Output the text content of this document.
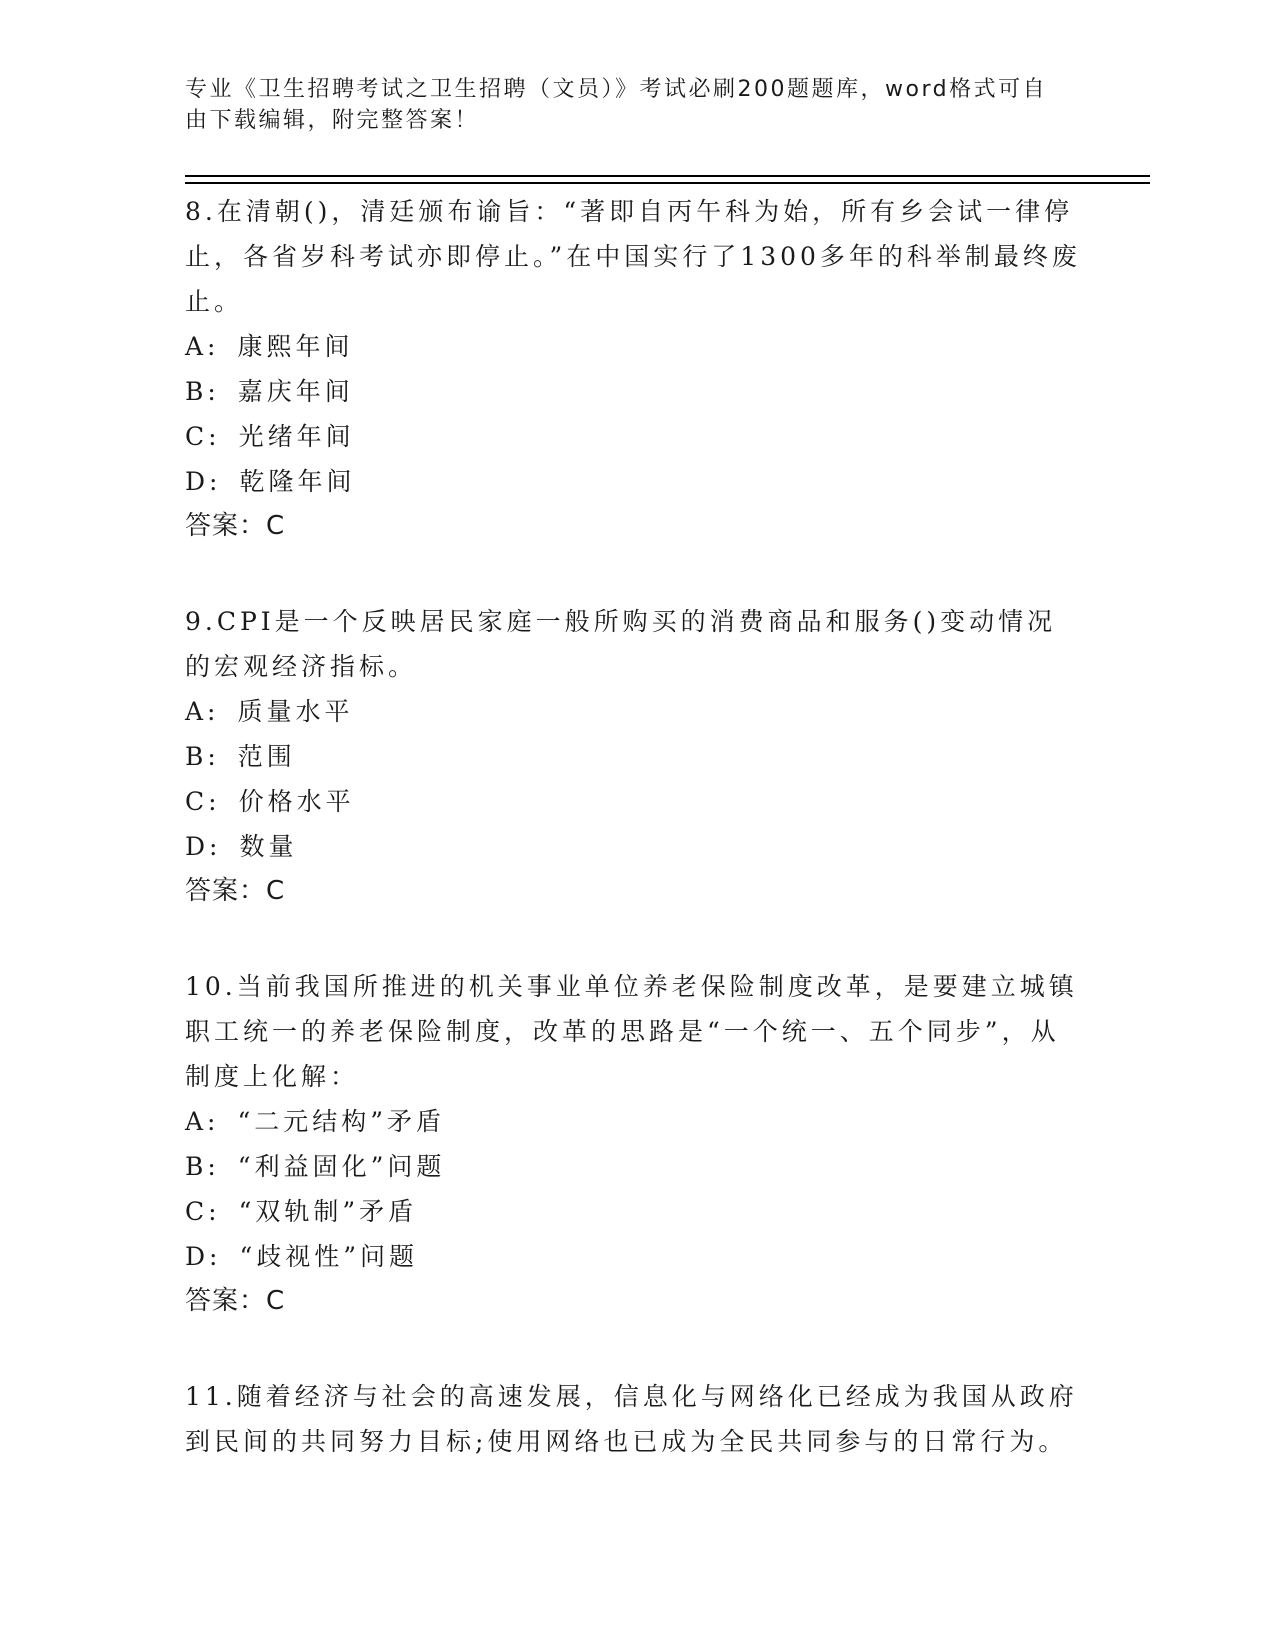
专业《卫生招聘考试之卫生招聘（文员）》考试必刷200题题库，word格式可自
由下载编辑，附完整答案！

8.在清朝()，清廷颁布谕旨：“著即自丙午科为始，所有乡会试一律停止，各省岁科考试亦即停止。”在中国实行了1300多年的科举制最终废止。

A: 康熙年间
B: 嘉庆年间
C: 光绪年间
D: 乾隆年间
答案：C

9.CPI是一个反映居民家庭一般所购买的消费商品和服务()变动情况的宏观经济指标。

A: 质量水平
B: 范围
C: 价格水平
D: 数量
答案：C

10.当前我国所推进的机关事业单位养老保险制度改革，是要建立城镇职工统一的养老保险制度，改革的思路是“一个统一、五个同步”，从制度上化解：

A: “二元结构”矛盾
B: “利益固化”问题
C: “双轨制”矛盾
D: “歧视性”问题
答案：C

11.随着经济与社会的高速发展，信息化与网络化已经成为我国从政府到民间的共同努力目标;使用网络也已成为全民共同参与的日常行为。
